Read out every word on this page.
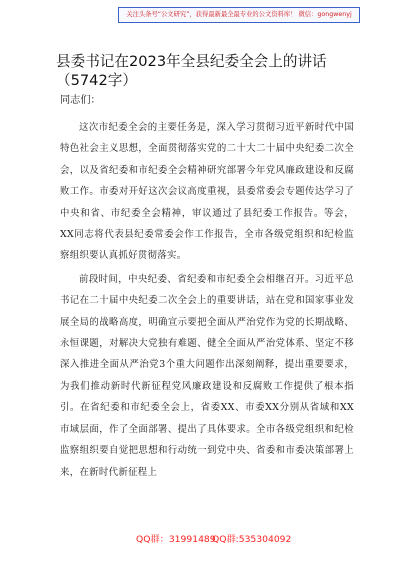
关注头条号“公文研究”，获得最新最全最专业的公文资料库！ 微信：gongwenyj
县委书记在2023年全县纪委全会上的讲话
（5742字）

同志们：

这次市纪委全会的主要任务是，深入学习贯彻习近平新时代中国特色社会主义思想，全面贯彻落实党的二十大二十届中央纪委二次全会，以及省纪委和市纪委全会精神研究部署今年党风廉政建设和反腐败工作。市委对开好这次会议高度重视，县委常委会专题传达学习了中央和省、市纪委全会精神，审议通过了县纪委工作报告。等会，XX同志将代表县纪委常委会作工作报告，全市各级党组织和纪检监察组织要认真抓好贯彻落实。

前段时间，中央纪委、省纪委和市纪委全会相继召开。习近平总书记在二十届中央纪委二次全会上的重要讲话，站在党和国家事业发展全局的战略高度，明确宣示要把全面从严治党作为党的长期战略、永恒课题，对解决大党独有难题、健全全面从严治党体系、坚定不移深入推进全面从严治党3个重大问题作出深刻阐释，提出重要要求，为我们推动新时代新征程党风廉政建设和反腐败工作提供了根本指引。在省纪委和市纪委全会上，省委XX、市委XX分别从省域和XX市域层面，作了全面部署、提出了具体要求。全市各级党组织和纪检监察组织要自觉把思想和行动统一到党中央、省委和市委决策部署上来，在新时代新征程上

QQ群：31991489
QQ群:535304092
